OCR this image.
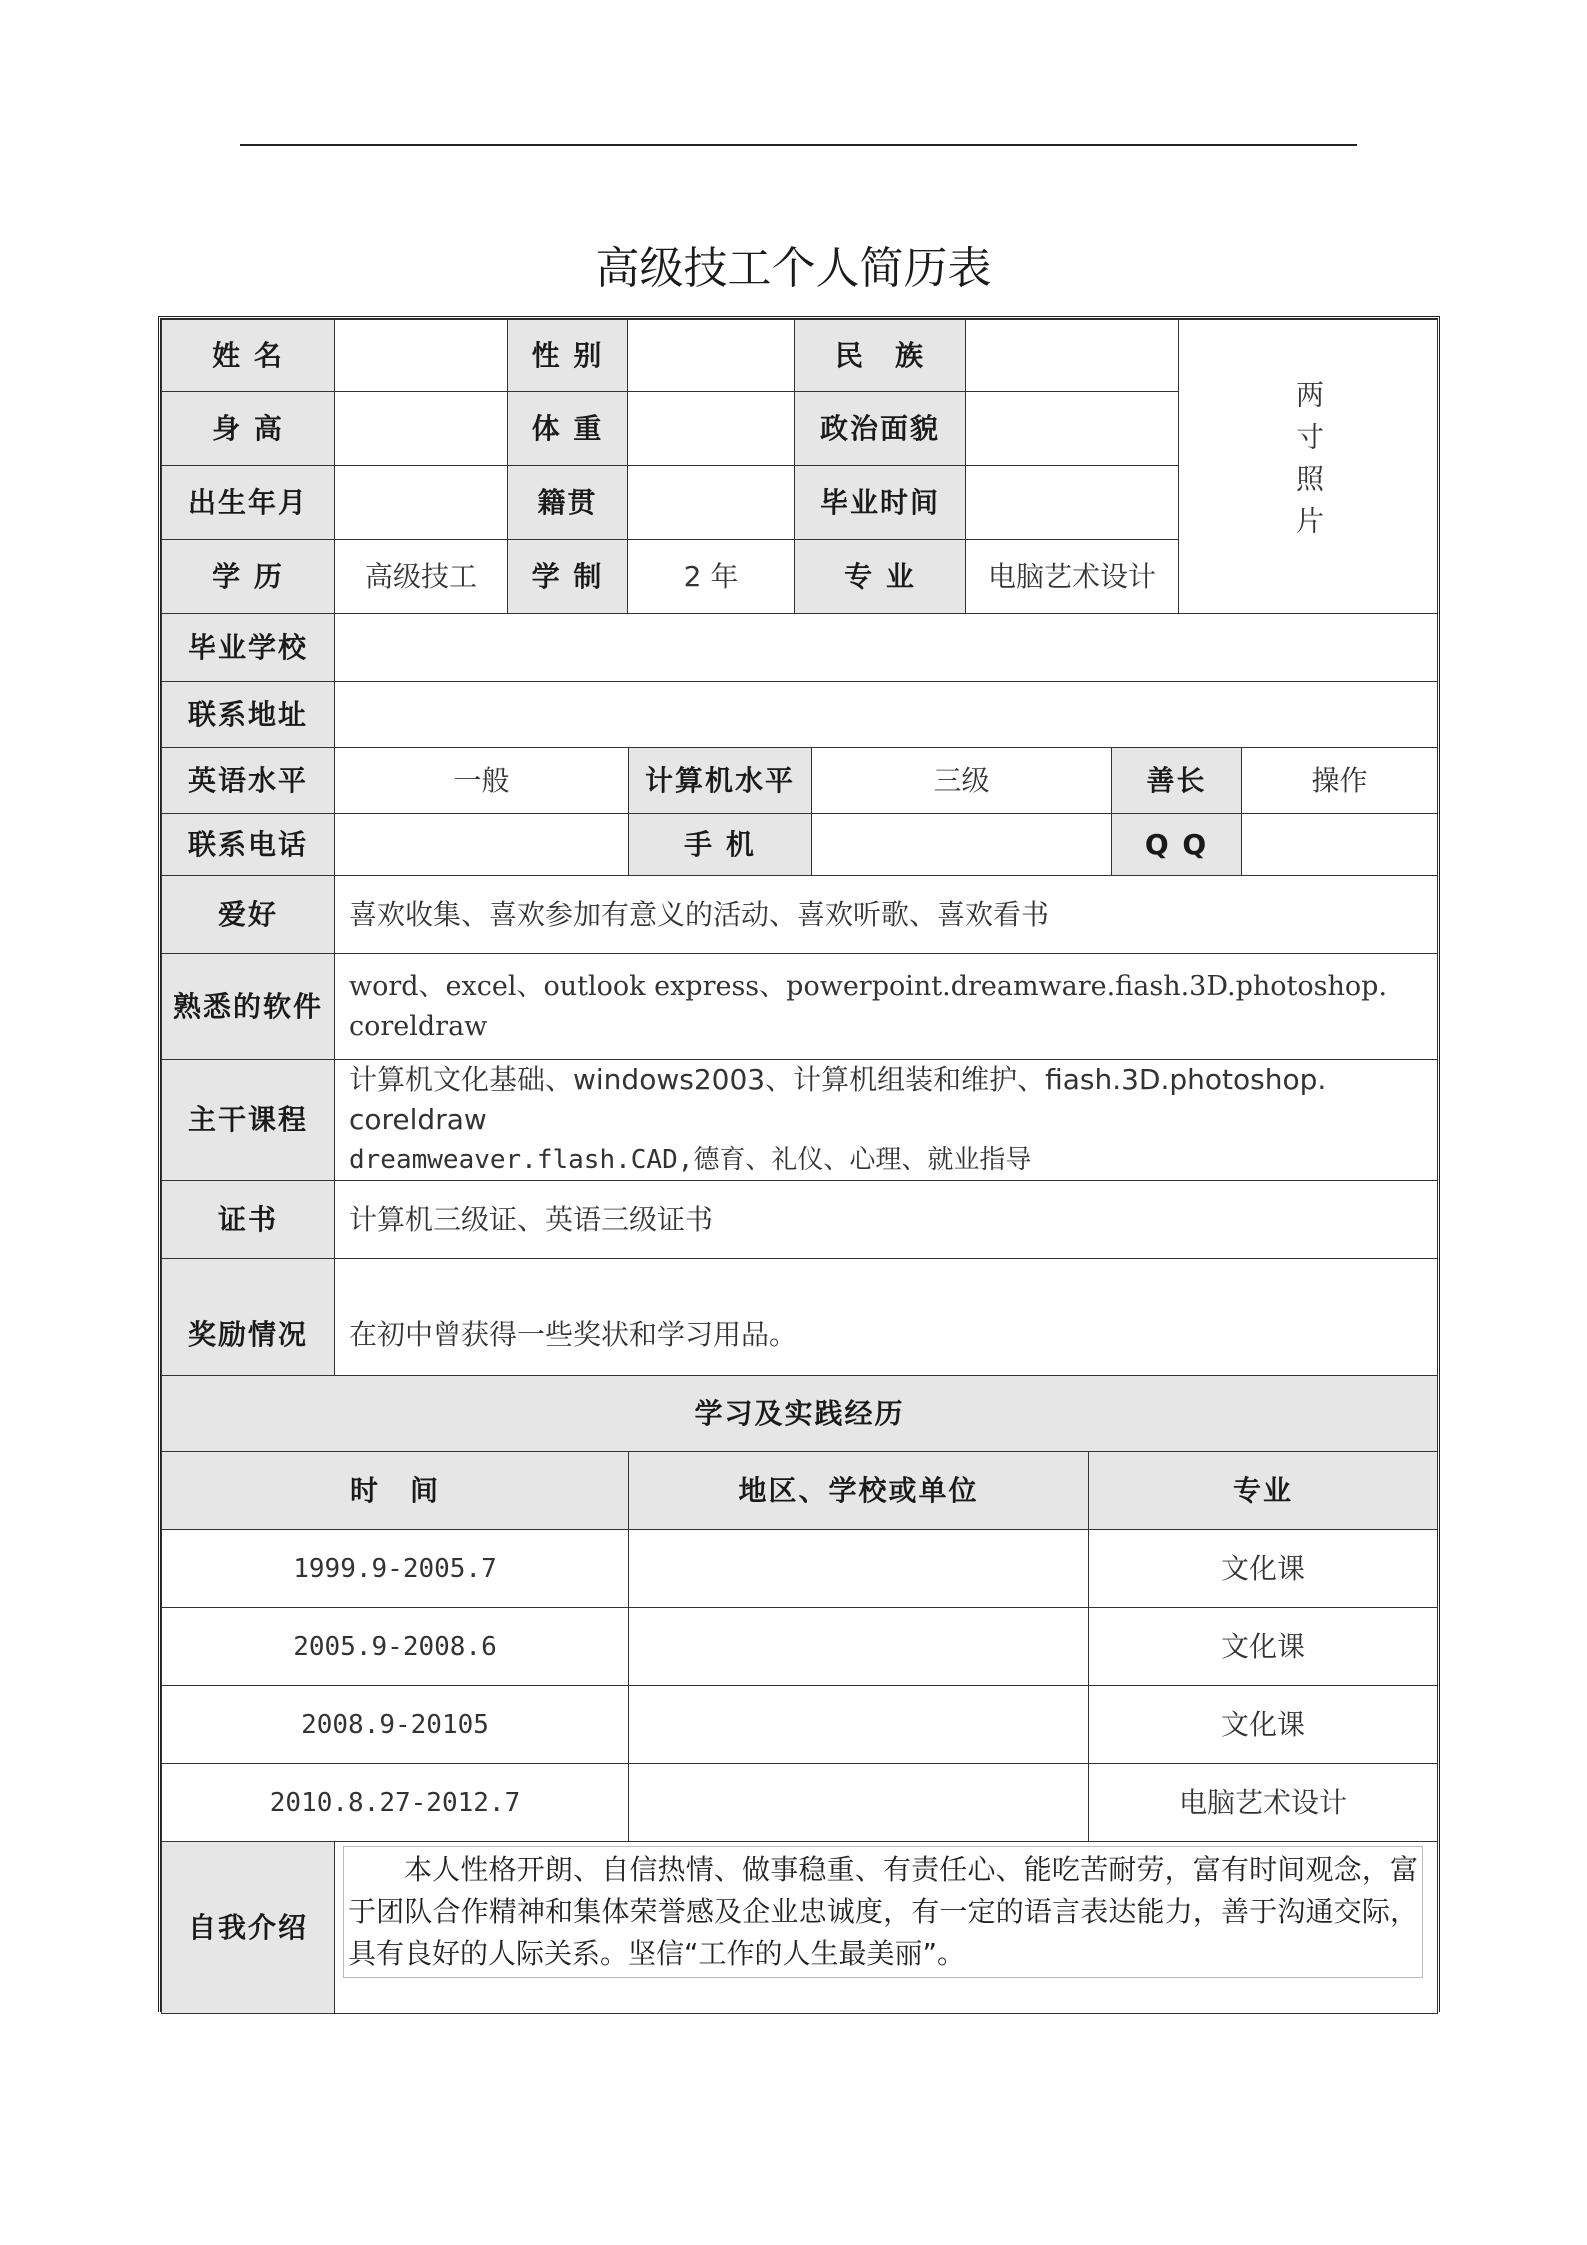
高级技工个人简历表
姓 名		性 别		民　族		两寸照片
身 高		体 重		政治面貌		
出生年月		籍贯		毕业时间		
学 历	高级技工	学 制	2 年	专 业	电脑艺术设计	
毕业学校	
联系地址	
英语水平	一般	计算机水平	三级	善长	操作
联系电话		手 机		Q Q	
爱好	喜欢收集、喜欢参加有意义的活动、喜欢听歌、喜欢看书
熟悉的软件	word、excel、outlook express、powerpoint.dreamware.fiash.3D.photoshop. coreldraw
主干课程	计算机文化基础、windows2003、计算机组装和维护、fiash.3D.photoshop. coreldraw
dreamweaver.flash.CAD,德育、礼仪、心理、就业指导

证书	计算机三级证、英语三级证书
奖励情况	在初中曾获得一些奖状和学习用品。
学习及实践经历		
时　间	地区、学校或单位	专业
1999.9-2005.7		文化课
2005.9-2008.6		文化课
2008.9-20105		文化课
2010.8.27-2012.7		电脑艺术设计
自我介绍	
本人性格开朗、自信热情、做事稳重、有责任心、能吃苦耐劳，富有时间观念，富于团队合作精神和集体荣誉感及企业忠诚度，有一定的语言表达能力，善于沟通交际，具有良好的人际关系。坚信“工作的人生最美丽”。
